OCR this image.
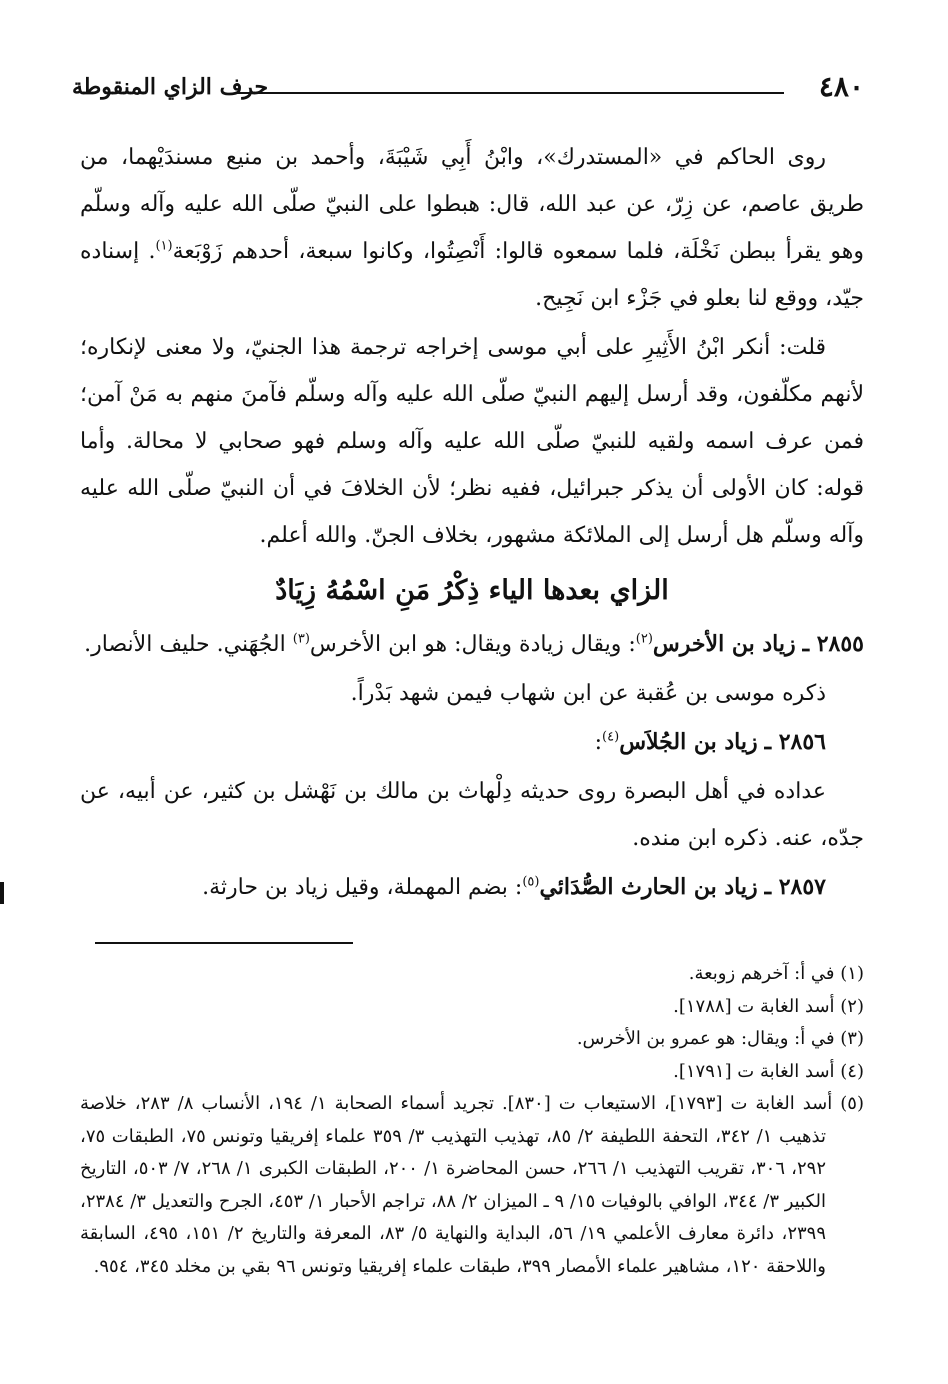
٤٨٠
حرف الزاي المنقوطة

روى الحاكم في «المستدرك»، وابْنُ أَبِي شَيْبَةَ، وأحمد بن منيع مسندَيْهما، من طريق عاصم، عن زِرّ، عن عبد الله، قال: هبطوا على النبيّ صلّى الله عليه وآله وسلّم وهو يقرأ ببطن نَخْلَة، فلما سمعوه قالوا: أَنْصِتُوا، وكانوا سبعة، أحدهم زَوْبَعة$^{(١)}$. إسناده جيّد، ووقع لنا بعلو في جَزْء ابن نَجِيح.

قلت: أنكر ابْنُ الأَثِيرِ على أبي موسى إخراجه ترجمة هذا الجنيّ، ولا معنى لإنكاره؛ لأنهم مكلّفون، وقد أرسل إليهم النبيّ صلّى الله عليه وآله وسلّم فآمنَ منهم به مَنْ آمن؛ فمن عرف اسمه ولقيه للنبيّ صلّى الله عليه وآله وسلم فهو صحابي لا محالة. وأما قوله: كان الأولى أن يذكر جبرائيل، ففيه نظر؛ لأن الخلافَ في أن النبيّ صلّى الله عليه وآله وسلّم هل أرسل إلى الملائكة مشهور، بخلاف الجنّ. والله أعلم.

الزاي بعدها الياء ذِكْرُ مَنِ اسْمُهُ زِيَادٌ

٢٨٥٥ ـ زياد بن الأخرس$^{(٢)}$: ويقال زيادة ويقال: هو ابن الأخرس$^{(٣)}$ الجُهَني. حليف الأنصار.

ذكره موسى بن عُقبة عن ابن شهاب فيمن شهد بَدْراً.

٢٨٥٦ ـ زياد بن الجُلاَس$^{(٤)}$:

عداده في أهل البصرة روى حديثه دِلْهاث بن مالك بن نَهْشل بن كثير، عن أبيه، عن جدّه، عنه. ذكره ابن منده.

٢٨٥٧ ـ زياد بن الحارث الصُّدَائي$^{(٥)}$: بضم المهملة، وقيل زياد بن حارثة.

(١) في أ: آخرهم زوبعة.

(٢) أسد الغابة ت [١٧٨٨].

(٣) في أ: ويقال: هو عمرو بن الأخرس.

(٤) أسد الغابة ت [١٧٩١].

(٥) أسد الغابة ت [١٧٩٣]، الاستيعاب ت [٨٣٠]. تجريد أسماء الصحابة ١/ ١٩٤، الأنساب ٨/ ٢٨٣، خلاصة تذهيب ١/ ٣٤٢، التحفة اللطيفة ٢/ ٨٥، تهذيب التهذيب ٣/ ٣٥٩ علماء إفريقيا وتونس ٧٥، الطبقات ٧٥، ٢٩٢، ٣٠٦، تقريب التهذيب ١/ ٢٦٦، حسن المحاضرة ١/ ٢٠٠، الطبقات الكبرى ١/ ٢٦٨، ٧/ ٥٠٣، التاريخ الكبير ٣/ ٣٤٤، الوافي بالوفيات ١٥/ ٩ ـ الميزان ٢/ ٨٨، تراجم الأحبار ١/ ٤٥٣، الجرح والتعديل ٣/ ٢٣٨٤، ٢٣٩٩، دائرة معارف الأعلمي ١٩/ ٥٦، البداية والنهاية ٥/ ٨٣، المعرفة والتاريخ ٢/ ١٥١، ٤٩٥، السابقة واللاحقة ١٢٠، مشاهير علماء الأمصار ٣٩٩، طبقات علماء إفريقيا وتونس ٩٦ بقي بن مخلد ٣٤٥، ٩٥٤.
